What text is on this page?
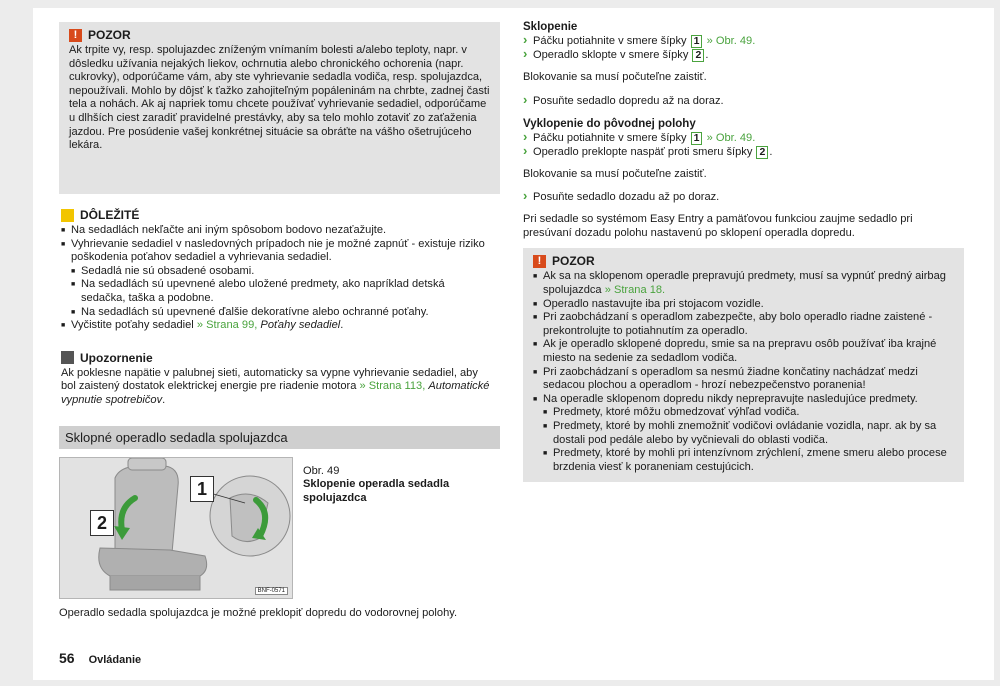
! POZOR

Ak trpite vy, resp. spolujazdec zníženým vnímaním bolesti a/alebo teploty, napr. v dôsledku užívania nejakých liekov, ochrnutia alebo chronického ochorenia (napr. cukrovky), odporúčame vám, aby ste vyhrievanie sedadla vodiča, resp. spolujazdca, nepoužívali. Mohlo by dôjsť k ťažko zahojiteľným popáleninám na chrbte, zadnej časti tela a nohách. Ak aj napriek tomu chcete používať vyhrievanie sedadiel, odporúčame u dlhších ciest zaradiť pravidelné prestávky, aby sa telo mohlo zotaviť zo zaťaženia jazdou. Pre posúdenie vašej konkrétnej situácie sa obráťte na vášho ošetrujúceho lekára.

. DÔLEŽITÉ

■ Na sedadlách nekľačte ani iným spôsobom bodovo nezaťažujte.

■ Vyhrievanie sedadiel v nasledovných prípadoch nie je možné zapnúť - existuje riziko poškodenia poťahov sedadiel a vyhrievania sedadiel.

■ Sedadlá nie sú obsadené osobami.

■ Na sedadlách sú upevnené alebo uložené predmety, ako napríklad detská sedačka, taška a podobne.

■ Na sedadlách sú upevnené ďalšie dekoratívne alebo ochranné poťahy.

■ Vyčistite poťahy sedadiel » Strana 99, Poťahy sedadiel.

. Upozornenie

Ak poklesne napätie v palubnej sieti, automaticky sa vypne vyhrievanie sedadiel, aby bol zaistený dostatok elektrickej energie pre riadenie motora » Strana 113, Automatické vypnutie spotrebičov.

Sklopné operadlo sedadla spolujazdca
1
2
BNF-0571

Obr. 49

Sklopenie operadla sedadla spolujazdca

Operadlo sedadla spolujazdca je možné preklopiť dopredu do vodorovnej polohy.

Sklopenie

› Páčku potiahnite v smere šípky 1 » Obr. 49.

› Operadlo sklopte v smere šípky 2 .

Blokovanie sa musí počuteľne zaistiť.

› Posuňte sedadlo dopredu až na doraz.

Vyklopenie do pôvodnej polohy

› Páčku potiahnite v smere šípky 1 » Obr. 49.

› Operadlo preklopte naspäť proti smeru šípky 2 .

Blokovanie sa musí počuteľne zaistiť.

› Posuňte sedadlo dozadu až po doraz.

Pri sedadle so systémom Easy Entry a pamäťovou funkciou zaujme sedadlo pri presúvaní dozadu polohu nastavenú po sklopení operadla dopredu.

! POZOR

■ Ak sa na sklopenom operadle prepravujú predmety, musí sa vypnúť predný airbag spolujazdca » Strana 18.

■ Operadlo nastavujte iba pri stojacom vozidle.

■ Pri zaobchádzaní s operadlom zabezpečte, aby bolo operadlo riadne zaistené - prekontrolujte to potiahnutím za operadlo.

■ Ak je operadlo sklopené dopredu, smie sa na prepravu osôb používať iba krajné miesto na sedenie za sedadlom vodiča.

■ Pri zaobchádzaní s operadlom sa nesmú žiadne končatiny nachádzať medzi sedacou plochou a operadlom - hrozí nebezpečenstvo poranenia!

■ Na operadle sklopenom dopredu nikdy neprepravujte nasledujúce predmety.

■ Predmety, ktoré môžu obmedzovať výhľad vodiča.

■ Predmety, ktoré by mohli znemožniť vodičovi ovládanie vozidla, napr. ak by sa dostali pod pedále alebo by vyčnievali do oblasti vodiča.

■ Predmety, ktoré by mohli pri intenzívnom zrýchlení, zmene smeru alebo procese brzdenia viesť k poraneniam cestujúcich.

56 Ovládanie
